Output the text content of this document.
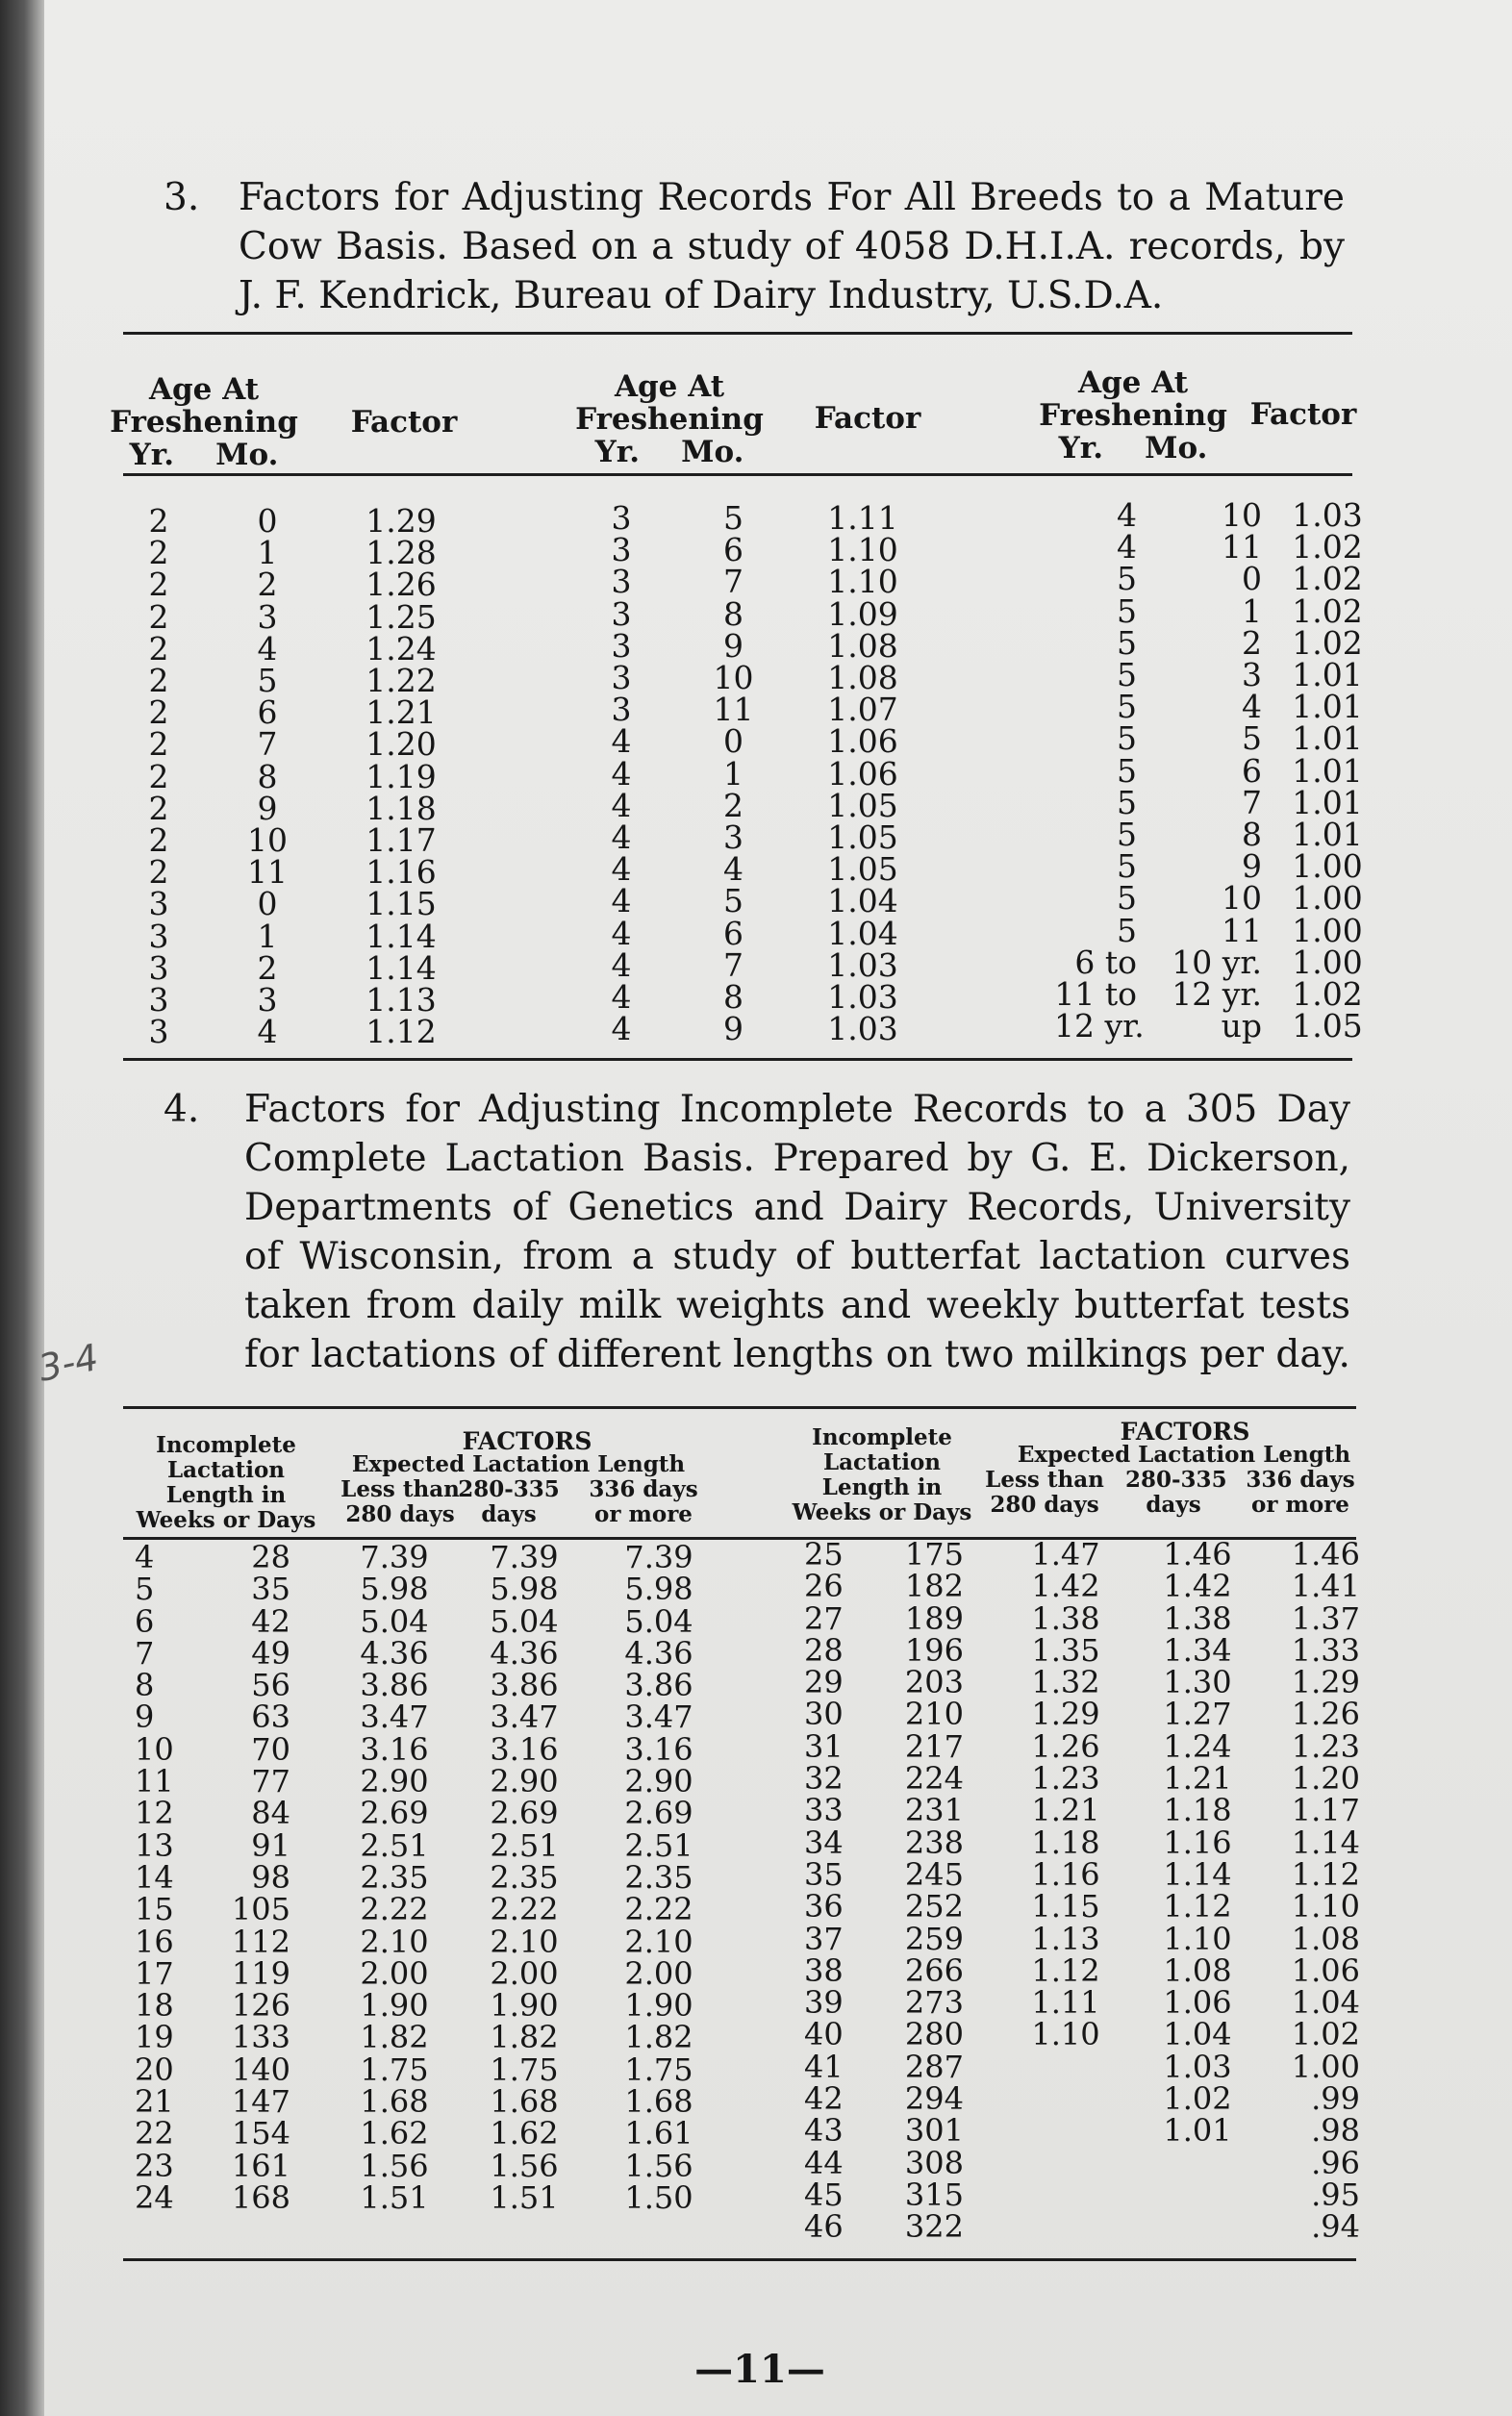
3. Factors for Adjusting Records For All Breeds to a Mature Cow Basis. Based on a study of 4058 D.H.I.A. records, by J. F. Kendrick, Bureau of Dairy Industry, U.S.D.A.
Age At
Freshening
Yr. Mo.
Factor
Age At
Freshening
Yr. Mo.
Factor
Age At
Freshening
Yr. Mo.
Factor
2
2
2
2
2
2
2
2
2
2
2
2
3
3
3
3
3
0
1
2
3
4
5
6
7
8
9
10
11
0
1
2
3
4
1.29
1.28
1.26
1.25
1.24
1.22
1.21
1.20
1.19
1.18
1.17
1.16
1.15
1.14
1.14
1.13
1.12
3
3
3
3
3
3
3
4
4
4
4
4
4
4
4
4
4
5
6
7
8
9
10
11
0
1
2
3
4
5
6
7
8
9
1.11
1.10
1.10
1.09
1.08
1.08
1.07
1.06
1.06
1.05
1.05
1.05
1.04
1.04
1.03
1.03
1.03
4
4
5
5
5
5
5
5
5
5
5
5
5
5
6 to
11 to
12 yr.
10
11
0
1
2
3
4
5
6
7
8
9
10
11
10 yr.
12 yr.
up
1.03
1.02
1.02
1.02
1.02
1.01
1.01
1.01
1.01
1.01
1.01
1.00
1.00
1.00
1.00
1.02
1.05
4. Factors for Adjusting Incomplete Records to a 305 Day Complete Lactation Basis. Prepared by G. E. Dickerson, Departments of Genetics and Dairy Records, University of Wisconsin, from a study of butterfat lactation curves taken from daily milk weights and weekly butterfat tests for lactations of different lengths on two milkings per day.
3-4
Incomplete
Lactation
Length in
Weeks or Days
FACTORS
Expected Lactation Length
Less than
280 days
280-335
days
336 days
or more
Incomplete
Lactation
Length in
Weeks or Days
FACTORS
Expected Lactation Length
Less than
280 days
280-335
days
336 days
or more
4
5
6
7
8
9
10
11
12
13
14
15
16
17
18
19
20
21
22
23
24
28
35
42
49
56
63
70
77
84
91
98
105
112
119
126
133
140
147
154
161
168
7.39
5.98
5.04
4.36
3.86
3.47
3.16
2.90
2.69
2.51
2.35
2.22
2.10
2.00
1.90
1.82
1.75
1.68
1.62
1.56
1.51
7.39
5.98
5.04
4.36
3.86
3.47
3.16
2.90
2.69
2.51
2.35
2.22
2.10
2.00
1.90
1.82
1.75
1.68
1.62
1.56
1.51
7.39
5.98
5.04
4.36
3.86
3.47
3.16
2.90
2.69
2.51
2.35
2.22
2.10
2.00
1.90
1.82
1.75
1.68
1.61
1.56
1.50
25
26
27
28
29
30
31
32
33
34
35
36
37
38
39
40
41
42
43
44
45
46
175
182
189
196
203
210
217
224
231
238
245
252
259
266
273
280
287
294
301
308
315
322
1.47
1.42
1.38
1.35
1.32
1.29
1.26
1.23
1.21
1.18
1.16
1.15
1.13
1.12
1.11
1.10

1.46
1.42
1.38
1.34
1.30
1.27
1.24
1.21
1.18
1.16
1.14
1.12
1.10
1.08
1.06
1.04
1.03
1.02
1.01

1.46
1.41
1.37
1.33
1.29
1.26
1.23
1.20
1.17
1.14
1.12
1.10
1.08
1.06
1.04
1.02
1.00
.99
.98
.96
.95
.94
—11—
